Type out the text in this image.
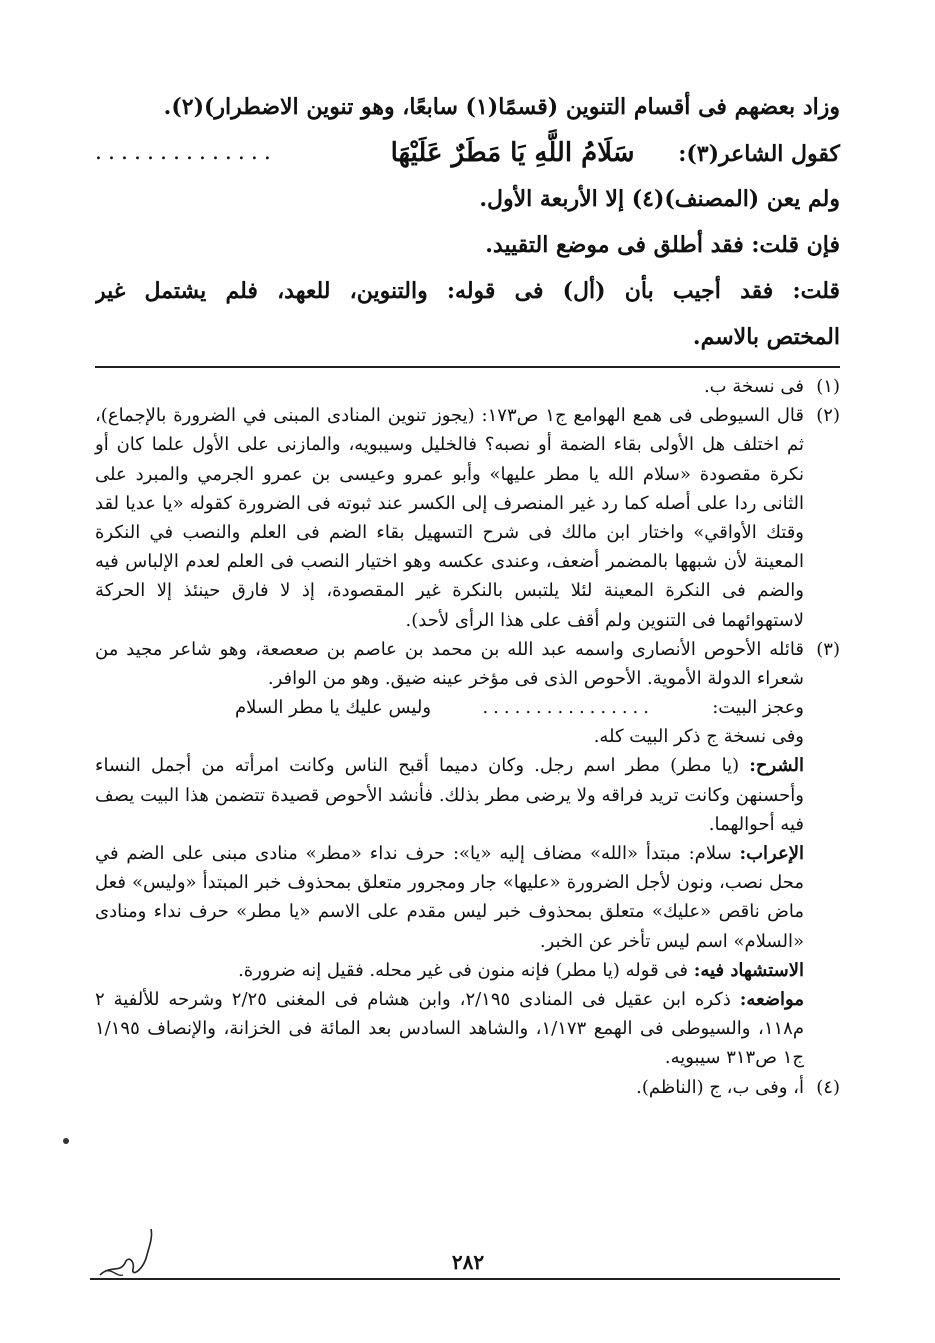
وزاد بعضهم فى أقسام التنوين (قسمًا(١) سابعًا، وهو تنوين الاضطرار)(٢).
كقول الشاعر(٣): سَلَامُ اللَّهِ يَا مَطَرٌ عَلَيْهَا
..............
ولم يعن (المصنف)(٤) إلا الأربعة الأول.
فإن قلت: فقد أطلق فى موضع التقييد.
قلت: فقد أجيب بأن (أل) فى قوله: والتنوين، للعهد، فلم يشتمل غير
المختص بالاسم.
(١)

فى نسخة ب.

(٢)

قال السيوطى فى همع الهوامع ج١ ص١٧٣: (يجوز تنوين المنادى المبنى في الضرورة بالإجماع)، ثم اختلف هل الأولى بقاء الضمة أو نصبه؟ فالخليل وسيبويه، والمازنى على الأول علما كان أو نكرة مقصودة «سلام الله يا مطر عليها» وأبو عمرو وعيسى بن عمرو الجرمي والمبرد على الثانى ردا على أصله كما رد غير المنصرف إلى الكسر عند ثبوته فى الضرورة كقوله «يا عديا لقد وقتك الأواقي» واختار ابن مالك فى شرح التسهيل بقاء الضم فى العلم والنصب في النكرة المعينة لأن شبهها بالمضمر أضعف، وعندى عكسه وهو اختيار النصب فى العلم لعدم الإلباس فيه والضم فى النكرة المعينة لئلا يلتبس بالنكرة غير المقصودة، إذ لا فارق حينئذ إلا الحركة لاستهوائهما فى التنوين ولم أقف على هذا الرأى لأحد).

(٣)

قائله الأحوص الأنصارى واسمه عبد الله بن محمد بن عاصم بن صعصعة، وهو شاعر مجيد من شعراء الدولة الأموية. الأحوص الذى فى مؤخر عينه ضيق. وهو من الوافر.

وعجز البيت:
................
وليس عليك يا مطر السلام

وفى نسخة ج ذكر البيت كله.

الشرح: (يا مطر) مطر اسم رجل. وكان دميما أقبح الناس وكانت امرأته من أجمل النساء وأحسنهن وكانت تريد فراقه ولا يرضى مطر بذلك. فأنشد الأحوص قصيدة تتضمن هذا البيت يصف فيه أحوالهما.

الإعراب: سلام: مبتدأ «الله» مضاف إليه «يا»: حرف نداء «مطر» منادى مبنى على الضم في محل نصب، ونون لأجل الضرورة «عليها» جار ومجرور متعلق بمحذوف خبر المبتدأ «وليس» فعل ماض ناقص «عليك» متعلق بمحذوف خبر ليس مقدم على الاسم «يا مطر» حرف نداء ومنادى «السلام» اسم ليس تأخر عن الخبر.

الاستشهاد فيه: فى قوله (يا مطر) فإنه منون فى غير محله. فقيل إنه ضرورة.

مواضعه: ذكره ابن عقيل فى المنادى ٢/١٩٥، وابن هشام فى المغنى ٢/٢٥ وشرحه للألفية ٢ م١١٨، والسيوطى فى الهمع ١/١٧٣، والشاهد السادس بعد المائة فى الخزانة، والإنصاف ١/١٩٥ ج١ ص٣١٣ سيبويه.

(٤)

أ، وفى ب، ج (الناظم).

٢٨٢
